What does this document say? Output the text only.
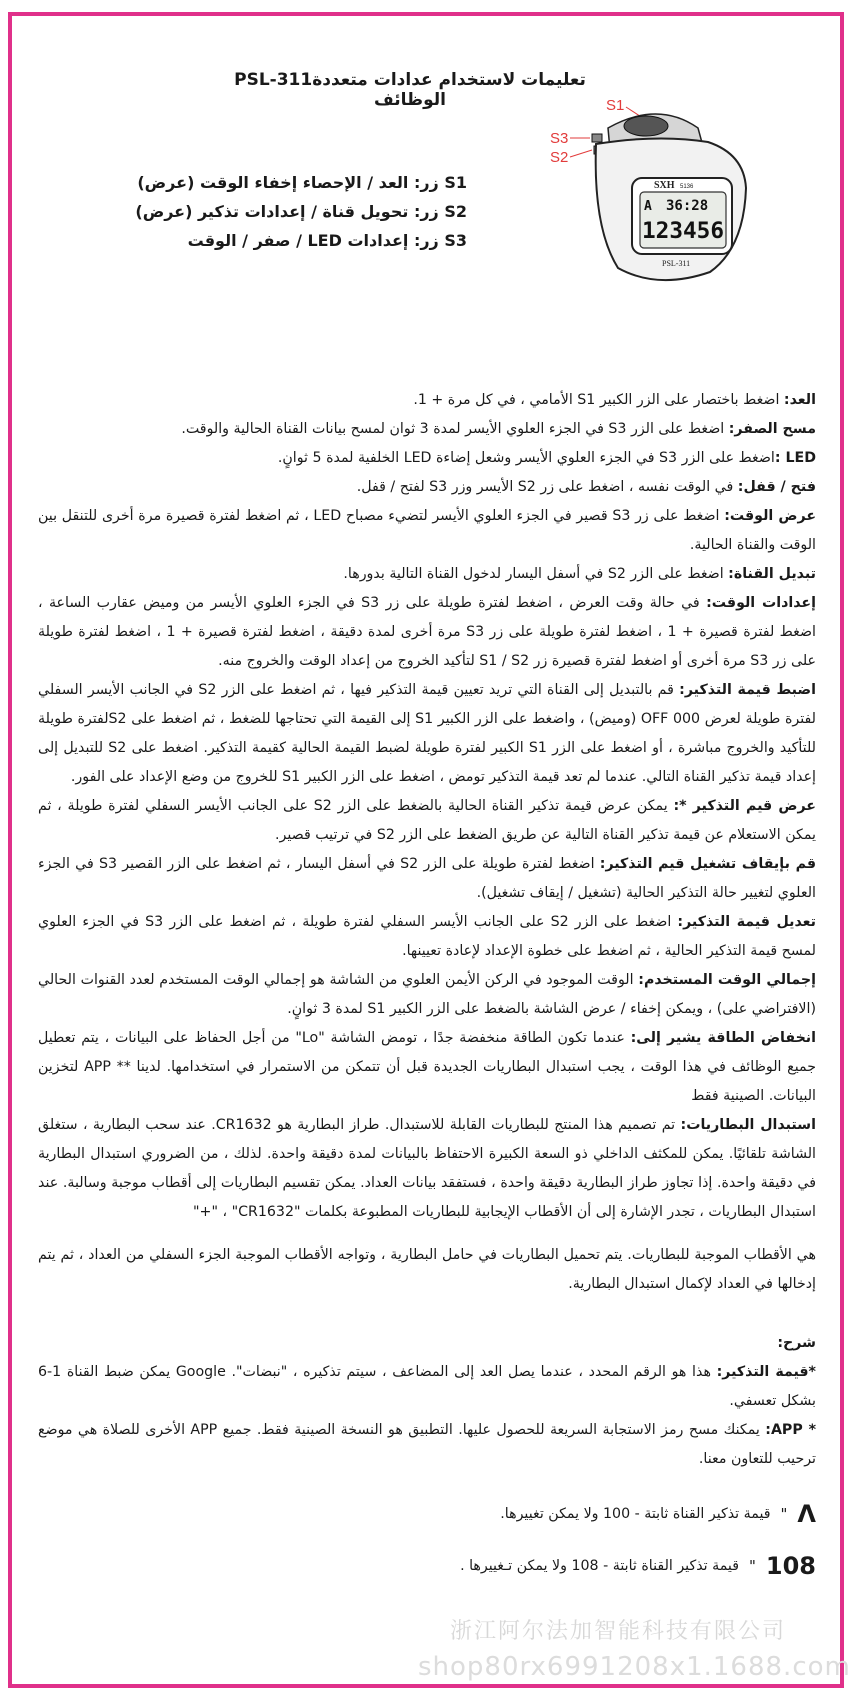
PSL-311تعليمات لاستخدام عدادات متعددة الوظائف
S1 زر: العد / الإحصاء إخفاء الوقت (عرض)
S2 زر: تحويل قناة / إعدادات تذكير (عرض)
S3 زر: إعدادات LED / صفر / الوقت
S1
S3
S2
SXH 5136
A 36:28
123456
PSL-311
العد: اضغط باختصار على الزر الكبير S1 الأمامي ، في كل مرة + 1.
مسح الصفر: اضغط على الزر S3 في الجزء العلوي الأيسر لمدة 3 ثوان لمسح بيانات القناة الحالية والوقت.
LED :اضغط على الزر S3 في الجزء العلوي الأيسر وشعل إضاءة LED الخلفية لمدة 5 ثوانٍ.
فتح / قفل: في الوقت نفسه ، اضغط على زر S2 الأيسر وزر S3 لفتح / قفل.
عرض الوقت: اضغط على زر S3 قصير في الجزء العلوي الأيسر لتضيء مصباح LED ، ثم اضغط لفترة قصيرة مرة أخرى للتنقل بين الوقت والقناة الحالية.
تبديل القناة: اضغط على الزر S2 في أسفل اليسار لدخول القناة التالية بدورها.
إعدادات الوقت: في حالة وقت العرض ، اضغط لفترة طويلة على زر S3 في الجزء العلوي الأيسر من وميض عقارب الساعة ، اضغط لفترة قصيرة + 1 ، اضغط لفترة طويلة على زر S3 مرة أخرى لمدة دقيقة ، اضغط لفترة قصيرة + 1 ، اضغط لفترة طويلة على زر S3 مرة أخرى أو اضغط لفترة قصيرة زر S1 / S2 لتأكيد الخروج من إعداد الوقت والخروج منه.
اضبط قيمة التذكير: قم بالتبديل إلى القناة التي تريد تعيين قيمة التذكير فيها ، ثم اضغط على الزر S2 في الجانب الأيسر السفلي لفترة طويلة لعرض OFF 000 (وميض) ، واضغط على الزر الكبير S1 إلى القيمة التي تحتاجها للضغط ، ثم اضغط على S2لفترة طويلة للتأكيد والخروج مباشرة ، أو اضغط على الزر S1 الكبير لفترة طويلة لضبط القيمة الحالية كقيمة التذكير. اضغط على S2 للتبديل إلى إعداد قيمة تذكير القناة التالي. عندما لم تعد قيمة التذكير تومض ، اضغط على الزر الكبير S1 للخروج من وضع الإعداد على الفور.
عرض قيم التذكير *: يمكن عرض قيمة تذكير القناة الحالية بالضغط على الزر S2 على الجانب الأيسر السفلي لفترة طويلة ، ثم يمكن الاستعلام عن قيمة تذكير القناة التالية عن طريق الضغط على الزر S2 في ترتيب قصير.
قم بإيقاف تشغيل قيم التذكير: اضغط لفترة طويلة على الزر S2 في أسفل اليسار ، ثم اضغط على الزر القصير S3 في الجزء العلوي لتغيير حالة التذكير الحالية (تشغيل / إيقاف تشغيل).
تعديل قيمة التذكير: اضغط على الزر S2 على الجانب الأيسر السفلي لفترة طويلة ، ثم اضغط على الزر S3 في الجزء العلوي لمسح قيمة التذكير الحالية ، ثم اضغط على خطوة الإعداد لإعادة تعيينها.
إجمالي الوقت المستخدم: الوقت الموجود في الركن الأيمن العلوي من الشاشة هو إجمالي الوقت المستخدم لعدد القنوات الحالي (الافتراضي على) ، ويمكن إخفاء / عرض الشاشة بالضغط على الزر الكبير S1 لمدة 3 ثوانٍ.
انخفاض الطاقة يشير إلى: عندما تكون الطاقة منخفضة جدًا ، تومض الشاشة "Lo" من أجل الحفاظ على البيانات ، يتم تعطيل جميع الوظائف في هذا الوقت ، يجب استبدال البطاريات الجديدة قبل أن تتمكن من الاستمرار في استخدامها. لدينا ** APP لتخزين البيانات. الصينية فقط
استبدال البطاريات: تم تصميم هذا المنتج للبطاريات القابلة للاستبدال. طراز البطارية هو CR1632. عند سحب البطارية ، ستغلق الشاشة تلقائيًا. يمكن للمكثف الداخلي ذو السعة الكبيرة الاحتفاظ بالبيانات لمدة دقيقة واحدة. لذلك ، من الضروري استبدال البطارية في دقيقة واحدة. إذا تجاوز طراز البطارية دقيقة واحدة ، فستفقد بيانات العداد. يمكن تقسيم البطاريات إلى أقطاب موجبة وسالبة. عند استبدال البطاريات ، تجدر الإشارة إلى أن الأقطاب الإيجابية للبطاريات المطبوعة بكلمات "CR1632" ، "+"
هي الأقطاب الموجبة للبطاريات. يتم تحميل البطاريات في حامل البطارية ، وتواجه الأقطاب الموجبة الجزء السفلي من العداد ، ثم يتم إدخالها في العداد لإكمال استبدال البطارية.
شرح:
*قيمة التذكير: هذا هو الرقم المحدد ، عندما يصل العد إلى المضاعف ، سيتم تذكيره ، "نبضات". Google يمكن ضبط القناة 1-6 بشكل تعسفي.
* APP: يمكنك مسح رمز الاستجابة السريعة للحصول عليها. التطبيق هو النسخة الصينية فقط. جميع APP الأخرى للصلاة هي موضع ترحيب للتعاون معنا.
Λ
"
قيمة تذكير القناة ثابتة - 100 ولا يمكن تغييرها.
108
"
قيمة تذكير القناة ثابتة - 108 ولا يمكن تـغييرها .
浙江阿尔法加智能科技有限公司
shop80rx6991208x1.1688.com
